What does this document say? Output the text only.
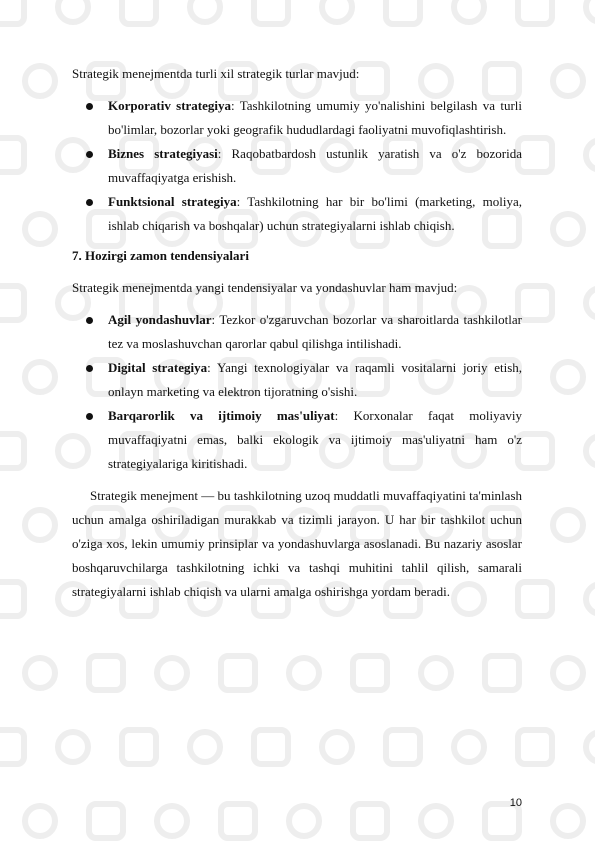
Strategik menejmentda turli xil strategik turlar mavjud:

Korporativ strategiya: Tashkilotning umumiy yo'nalishini belgilash va turli bo'limlar, bozorlar yoki geografik hududlardagi faoliyatni muvofiqlashtirish.
Biznes strategiyasi: Raqobatbardosh ustunlik yaratish va o'z bozorida muvaffaqiyatga erishish.
Funktsional strategiya: Tashkilotning har bir bo'limi (marketing, moliya, ishlab chiqarish va boshqalar) uchun strategiyalarni ishlab chiqish.

7. Hozirgi zamon tendensiyalari

Strategik menejmentda yangi tendensiyalar va yondashuvlar ham mavjud:

Agil yondashuvlar: Tezkor o'zgaruvchan bozorlar va sharoitlarda tashkilotlar tez va moslashuvchan qarorlar qabul qilishga intilishadi.
Digital strategiya: Yangi texnologiyalar va raqamli vositalarni joriy etish, onlayn marketing va elektron tijoratning o'sishi.
Barqarorlik va ijtimoiy mas'uliyat: Korxonalar faqat moliyaviy muvaffaqiyatni emas, balki ekologik va ijtimoiy mas'uliyatni ham o'z strategiyalariga kiritishadi.

Strategik menejment — bu tashkilotning uzoq muddatli muvaffaqiyatini ta'minlash uchun amalga oshiriladigan murakkab va tizimli jarayon. U har bir tashkilot uchun o'ziga xos, lekin umumiy prinsiplar va yondashuvlarga asoslanadi. Bu nazariy asoslar boshqaruvchilarga tashkilotning ichki va tashqi muhitini tahlil qilish, samarali strategiyalarni ishlab chiqish va ularni amalga oshirishga yordam beradi.

10
